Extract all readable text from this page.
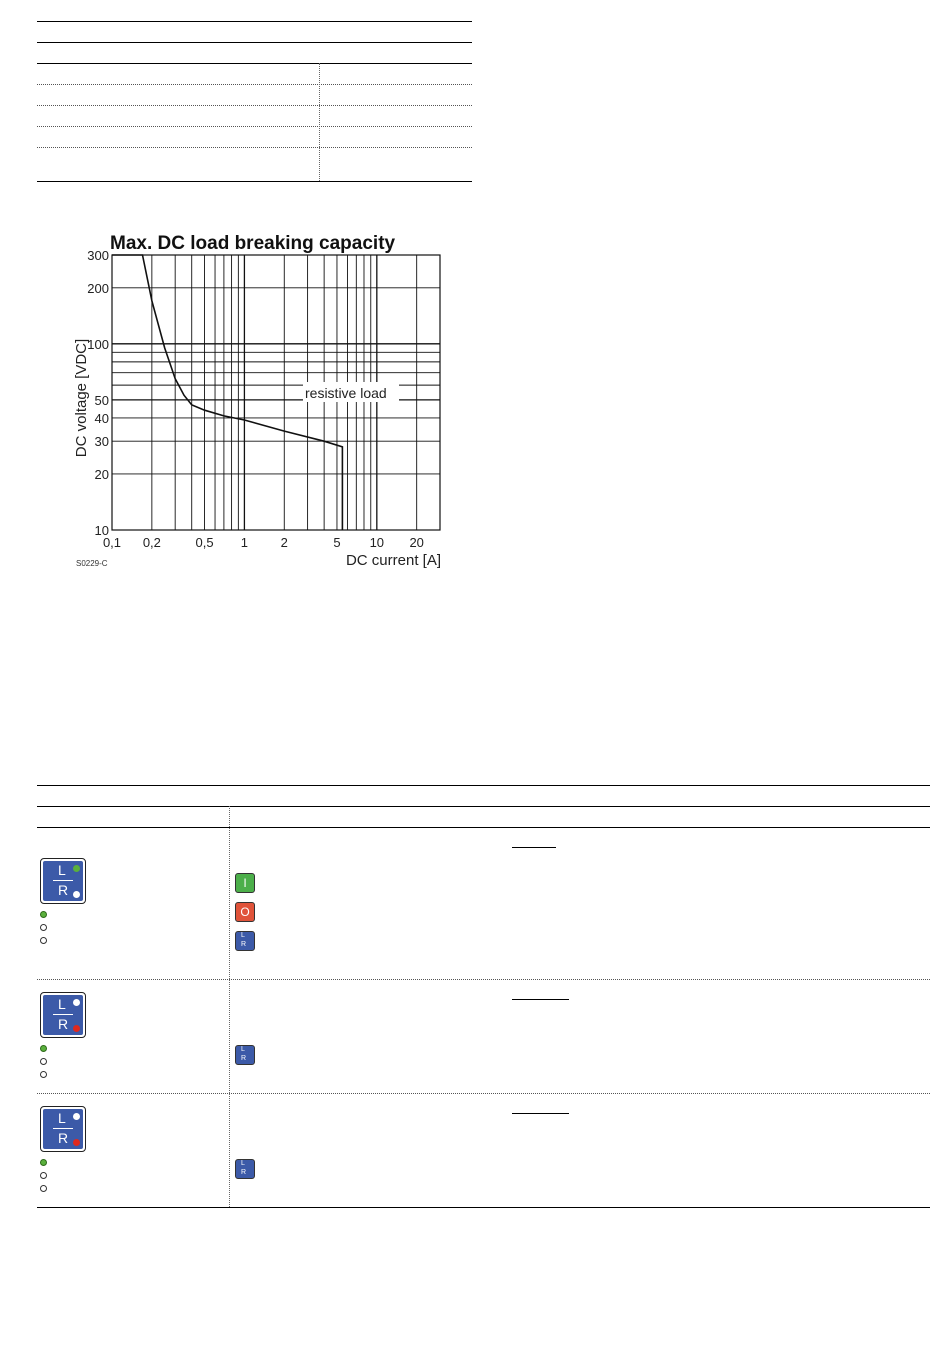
Max. DC load breaking capacity
0,1 0,2	0,5 1	2	5 10 20
10
20
30
40
50
100
200
300
resistive load
DC current [A]
DC voltage [VDC]
S0229-C
L
R	I
O
L
R
L
R
L
R
L
R
L
R
